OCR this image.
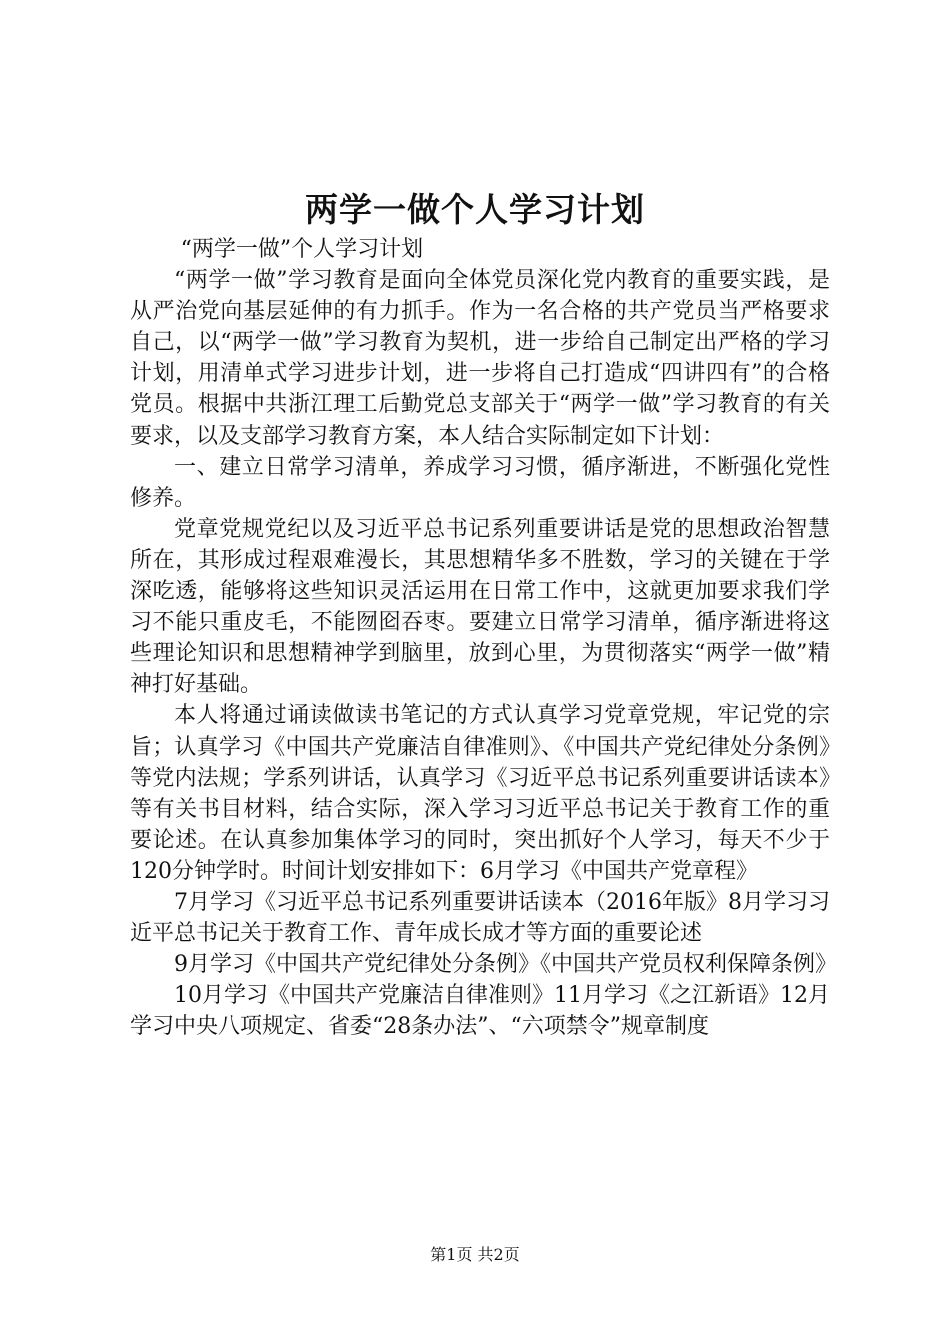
两学一做个人学习计划

“两学一做”个人学习计划

“两学一做”学习教育是面向全体党员深化党内教育的重要实践，是从严治党向基层延伸的有力抓手。作为一名合格的共产党员当严格要求自己，以“两学一做”学习教育为契机，进一步给自己制定出严格的学习计划，用清单式学习进步计划，进一步将自己打造成“四讲四有”的合格党员。根据中共浙江理工后勤党总支部关于“两学一做”学习教育的有关要求，以及支部学习教育方案，本人结合实际制定如下计划：

一、建立日常学习清单，养成学习习惯，循序渐进，不断强化党性修养。

党章党规党纪以及习近平总书记系列重要讲话是党的思想政治智慧所在，其形成过程艰难漫长，其思想精华多不胜数，学习的关键在于学深吃透，能够将这些知识灵活运用在日常工作中，这就更加要求我们学习不能只重皮毛，不能囫囵吞枣。要建立日常学习清单，循序渐进将这些理论知识和思想精神学到脑里，放到心里，为贯彻落实“两学一做”精神打好基础。

本人将通过诵读做读书笔记的方式认真学习党章党规，牢记党的宗旨；认真学习《中国共产党廉洁自律准则》、《中国共产党纪律处分条例》等党内法规；学系列讲话，认真学习《习近平总书记系列重要讲话读本》等有关书目材料，结合实际，深入学习习近平总书记关于教育工作的重要论述。在认真参加集体学习的同时，突出抓好个人学习，每天不少于120分钟学时。时间计划安排如下：6月学习《中国共产党章程》

7月学习《习近平总书记系列重要讲话读本（2016年版》8月学习习近平总书记关于教育工作、青年成长成才等方面的重要论述

9月学习《中国共产党纪律处分条例》《中国共产党员权利保障条例》

10月学习《中国共产党廉洁自律准则》11月学习《之江新语》12月学习中央八项规定、省委“28条办法”、“六项禁令”规章制度

第1页 共2页
